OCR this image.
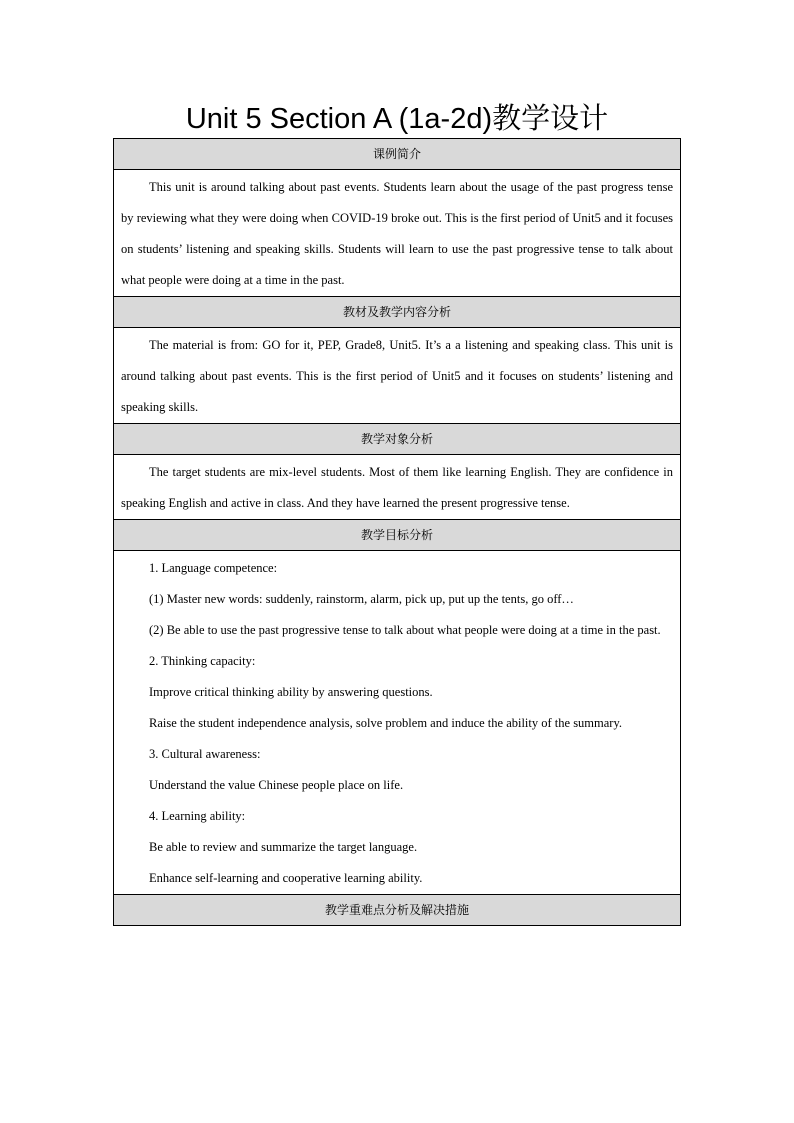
Unit 5 Section A (1a-2d)教学设计
课例简介

This unit is around talking about past events. Students learn about the usage of the past progress tense by reviewing what they were doing when COVID-19 broke out. This is the first period of Unit5 and it focuses on students’ listening and speaking skills. Students will learn to use the past progressive tense to talk about what people were doing at a time in the past.

教材及教学内容分析

The material is from: GO for it, PEP, Grade8, Unit5. It’s a a listening and speaking class. This unit is around talking about past events. This is the first period of Unit5 and it focuses on students’ listening and speaking skills.

教学对象分析

The target students are mix-level students. Most of them like learning English. They are confidence in speaking English and active in class. And they have learned the present progressive tense.

教学目标分析

1. Language competence:

(1) Master new words: suddenly, rainstorm, alarm, pick up, put up the tents, go off…

(2) Be able to use the past progressive tense to talk about what people were doing at a time in the past.

2. Thinking capacity:

Improve critical thinking ability by answering questions.

Raise the student independence analysis, solve problem and induce the ability of the summary.

3. Cultural awareness:

Understand the value Chinese people place on life.

4. Learning ability:

Be able to review and summarize the target language.

Enhance self-learning and cooperative learning ability.

教学重难点分析及解决措施
